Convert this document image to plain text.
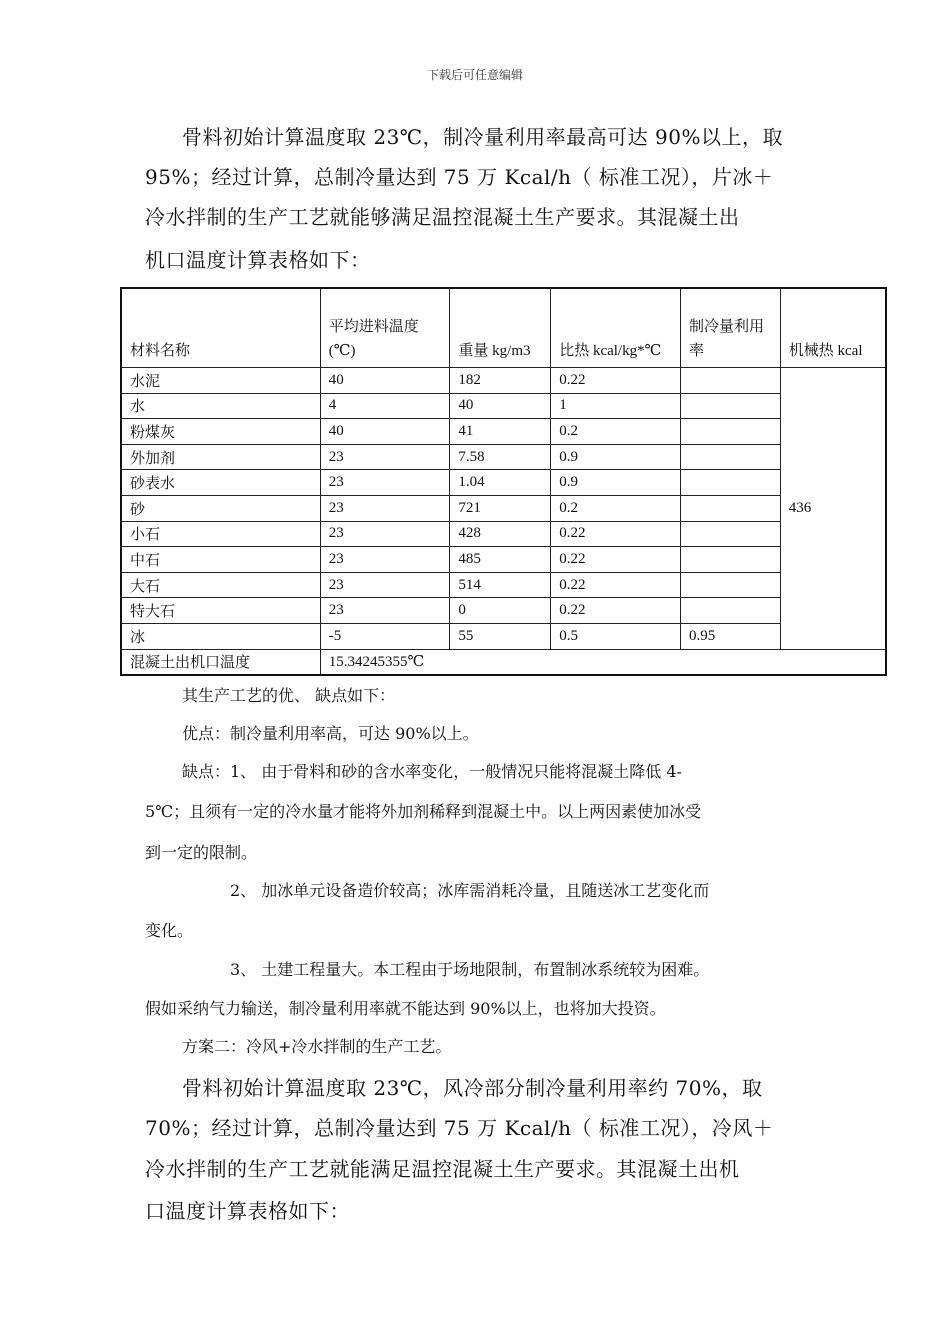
下载后可任意编辑
骨料初始计算温度取 23℃，制冷量利用率最高可达 90%以上，取
95%；经过计算，总制冷量达到 75 万 Kcal/h（ 标准工况），片冰＋
冷水拌制的生产工艺就能够满足温控混凝土生产要求。其混凝土出
机口温度计算表格如下：
材料名称	平均进料温度(℃)	重量 kg/m3	比热 kcal/kg*℃	制冷量利用率	机械热 kcal
水泥	40	182	0.22		436
水	4	40	1		
粉煤灰	40	41	0.2		
外加剂	23	7.58	0.9		
砂表水	23	1.04	0.9		
砂	23	721	0.2		
小石	23	428	0.22		
中石	23	485	0.22		
大石	23	514	0.22		
特大石	23	0	0.22		
冰	-5	55	0.5	0.95	
混凝土出机口温度	15.34245355℃				
其生产工艺的优、 缺点如下：
优点：制冷量利用率高，可达 90%以上。
缺点：1、 由于骨料和砂的含水率变化，一般情况只能将混凝土降低 4-
5℃；且须有一定的冷水量才能将外加剂稀释到混凝土中。以上两因素使加冰受
到一定的限制。
2、 加冰单元设备造价较高；冰库需消耗冷量，且随送冰工艺变化而
变化。
3、 土建工程量大。本工程由于场地限制，布置制冰系统较为困难。
假如采纳气力输送，制冷量利用率就不能达到 90%以上，也将加大投资。
方案二：冷风+冷水拌制的生产工艺。
骨料初始计算温度取 23℃，风冷部分制冷量利用率约 70%，取
70%；经过计算，总制冷量达到 75 万 Kcal/h（ 标准工况），冷风＋
冷水拌制的生产工艺就能满足温控混凝土生产要求。其混凝土出机
口温度计算表格如下：
